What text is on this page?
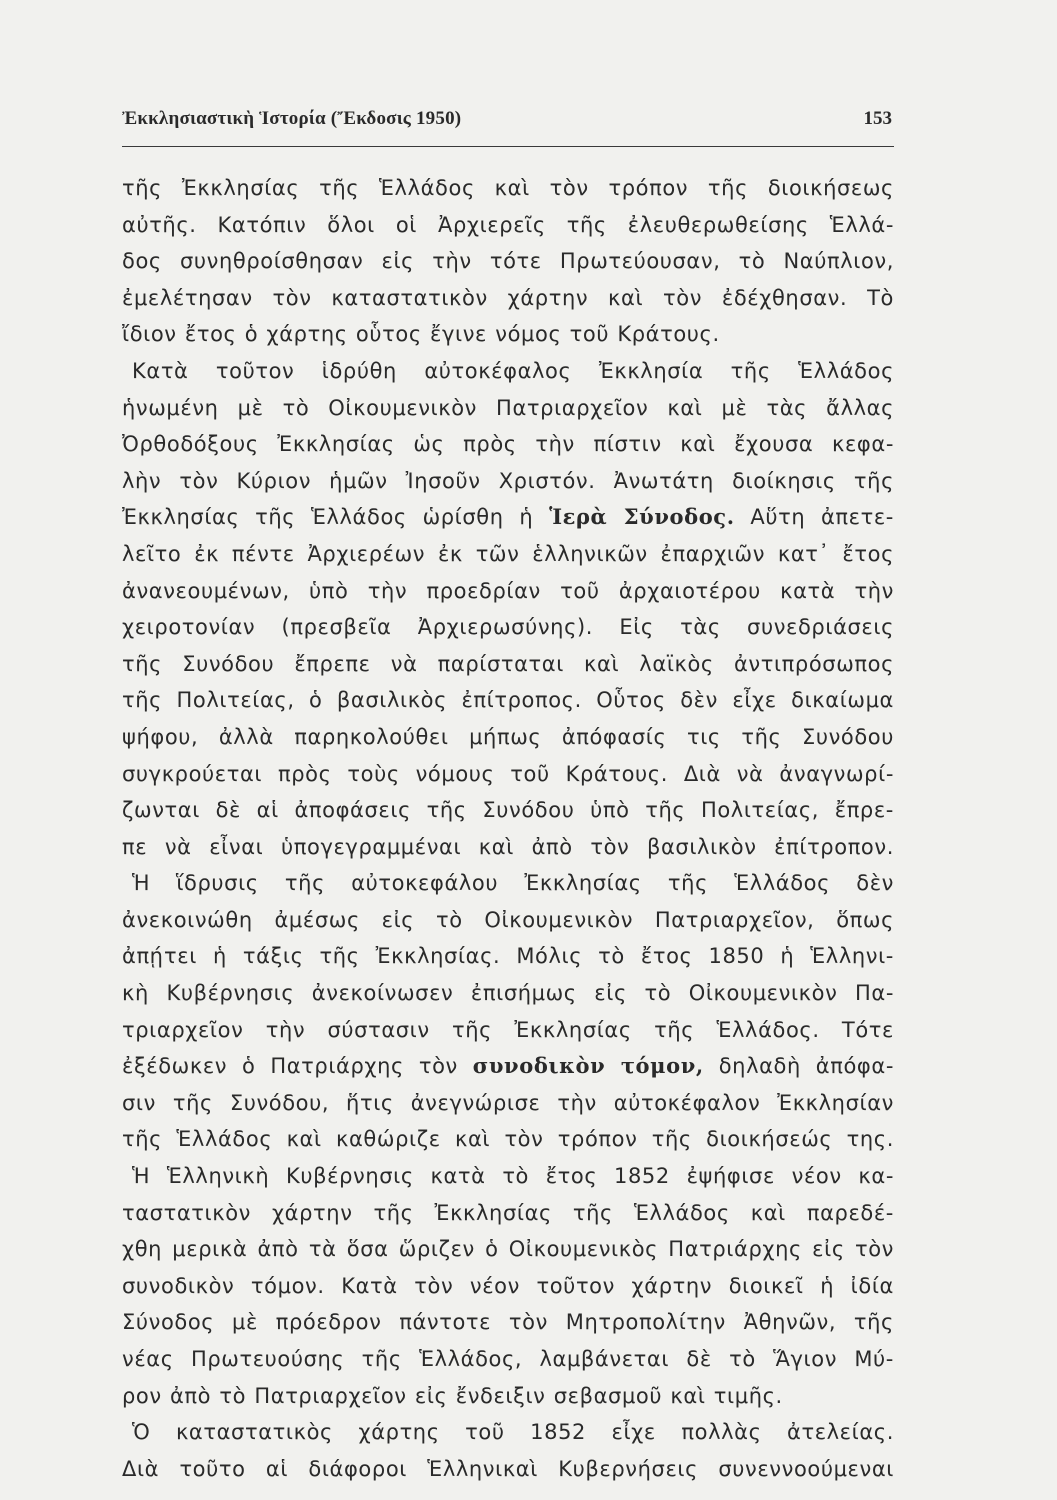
Ἐκκλησιαστικὴ Ἱστορία (Ἔκδοσις 1950)	153
τῆς Ἐκκλησίας τῆς Ἑλλάδος καὶ τὸν τρόπον τῆς διοικήσεως
αὐτῆς. Κατόπιν ὅλοι οἱ Ἀρχιερεῖς τῆς ἐλευθερωθείσης Ἑλλά-
δος συνηθροίσθησαν εἰς τὴν τότε Πρωτεύουσαν, τὸ Ναύπλιον,
ἐμελέτησαν τὸν καταστατικὸν χάρτην καὶ τὸν ἐδέχθησαν. Τὸ
ἴδιον ἔτος ὁ χάρτης οὗτος ἔγινε νόμος τοῦ Κράτους.
Κατὰ τοῦτον ἱδρύθη αὐτοκέφαλος Ἐκκλησία τῆς Ἑλλάδος
ἡνωμένη μὲ τὸ Οἰκουμενικὸν Πατριαρχεῖον καὶ μὲ τὰς ἄλλας
Ὀρθοδόξους Ἐκκλησίας ὡς πρὸς τὴν πίστιν καὶ ἔχουσα κεφα-
λὴν τὸν Κύριον ἡμῶν Ἰησοῦν Χριστόν. Ἀνωτάτη διοίκησις τῆς
Ἐκκλησίας τῆς Ἑλλάδος ὡρίσθη ἡ Ἱερὰ Σύνοδος. Αὕτη ἀπετε-
λεῖτο ἐκ πέντε Ἀρχιερέων ἐκ τῶν ἑλληνικῶν ἐπαρχιῶν κατ᾽ ἔτος
ἀνανεουμένων, ὑπὸ τὴν προεδρίαν τοῦ ἀρχαιοτέρου κατὰ τὴν
χειροτονίαν (πρεσβεῖα Ἀρχιερωσύνης). Εἰς τὰς συνεδριάσεις
τῆς Συνόδου ἔπρεπε νὰ παρίσταται καὶ λαϊκὸς ἀντιπρόσωπος
τῆς Πολιτείας, ὁ βασιλικὸς ἐπίτροπος. Οὗτος δὲν εἶχε δικαίωμα
ψήφου, ἀλλὰ παρηκολούθει μήπως ἀπόφασίς τις τῆς Συνόδου
συγκρούεται πρὸς τοὺς νόμους τοῦ Κράτους. Διὰ νὰ ἀναγνωρί-
ζωνται δὲ αἱ ἀποφάσεις τῆς Συνόδου ὑπὸ τῆς Πολιτείας, ἔπρε-
πε νὰ εἶναι ὑπογεγραμμέναι καὶ ἀπὸ τὸν βασιλικὸν ἐπίτροπον.
Ἡ ἵδρυσις τῆς αὐτοκεφάλου Ἐκκλησίας τῆς Ἑλλάδος δὲν
ἀνεκοινώθη ἀμέσως εἰς τὸ Οἰκουμενικὸν Πατριαρχεῖον, ὅπως
ἀπῄτει ἡ τάξις τῆς Ἐκκλησίας. Μόλις τὸ ἔτος 1850 ἡ Ἑλληνι-
κὴ Κυβέρνησις ἀνεκοίνωσεν ἐπισήμως εἰς τὸ Οἰκουμενικὸν Πα-
τριαρχεῖον τὴν σύστασιν τῆς Ἐκκλησίας τῆς Ἑλλάδος. Τότε
ἐξέδωκεν ὁ Πατριάρχης τὸν συνοδικὸν τόμον, δηλαδὴ ἀπόφα-
σιν τῆς Συνόδου, ἥτις ἀνεγνώρισε τὴν αὐτοκέφαλον Ἐκκλησίαν
τῆς Ἑλλάδος καὶ καθώριζε καὶ τὸν τρόπον τῆς διοικήσεώς της.
Ἡ Ἑλληνικὴ Κυβέρνησις κατὰ τὸ ἔτος 1852 ἐψήφισε νέον κα-
ταστατικὸν χάρτην τῆς Ἐκκλησίας τῆς Ἑλλάδος καὶ παρεδέ-
χθη μερικὰ ἀπὸ τὰ ὅσα ὥριζεν ὁ Οἰκουμενικὸς Πατριάρχης εἰς τὸν
συνοδικὸν τόμον. Κατὰ τὸν νέον τοῦτον χάρτην διοικεῖ ἡ ἰδία
Σύνοδος μὲ πρόεδρον πάντοτε τὸν Μητροπολίτην Ἀθηνῶν, τῆς
νέας Πρωτευούσης τῆς Ἑλλάδος, λαμβάνεται δὲ τὸ Ἅγιον Μύ-
ρον ἀπὸ τὸ Πατριαρχεῖον εἰς ἔνδειξιν σεβασμοῦ καὶ τιμῆς.
Ὁ καταστατικὸς χάρτης τοῦ 1852 εἶχε πολλὰς ἀτελείας.
Διὰ τοῦτο αἱ διάφοροι Ἑλληνικαὶ Κυβερνήσεις συνεννοούμεναι
